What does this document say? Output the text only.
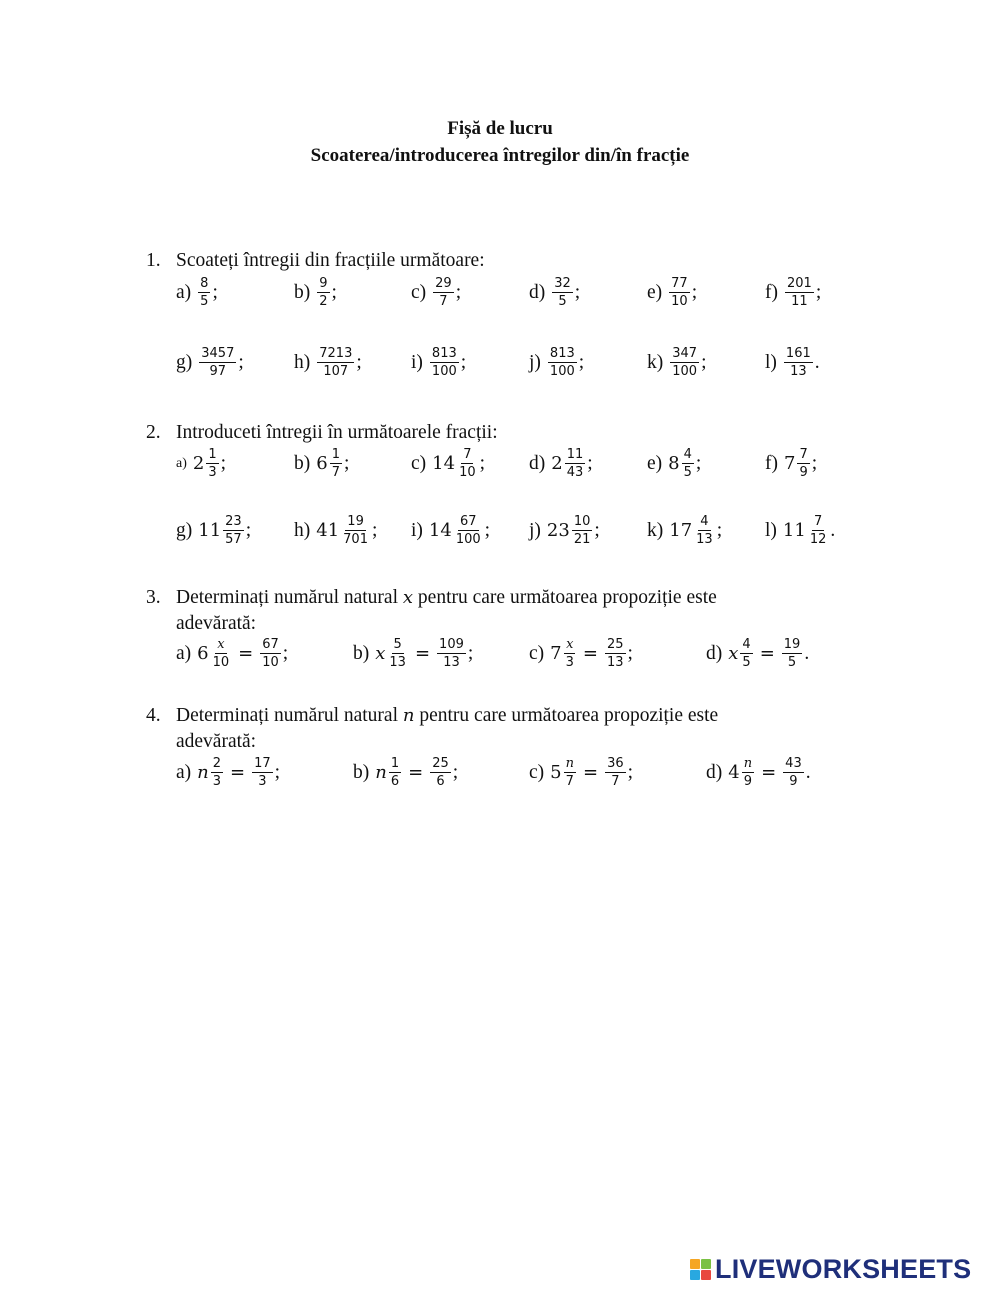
Fișă de lucru
Scoaterea/introducerea întregilor din/în fracție
1. Scoateți întregii din fracțiile următoare:
$a) \frac{8}{5}$ ;	$b) \frac{9}{2}$ ;	$c) \frac{29}{7}$ ;	$d) \frac{32}{5}$ ;	$e) \frac{77}{10}$ ;	$f) \frac{201}{11}$ ;
$g) \frac{3457}{97}$ ;	$h) \frac{7213}{107}$ ;	$i) \frac{813}{100}$ ;	$j) \frac{813}{100}$ ;	$k) \frac{347}{100}$ ;	$l) \frac{161}{13}$ .
2. Introduceti întregii în următoarele fracții:
a) $2 \frac{1}{3}$ ;	b) $6 \frac{1}{7}$ ;	c) $14 \frac{7}{10}$ ; d) $2 \frac{11}{43}$ ;	e) $8 \frac{4}{5}$ ;	f) $7 \frac{7}{9}$ ;
g) $11 \frac{23}{57}$ ; h) $41 \frac{19}{701}$ ; i) $14 \frac{67}{100}$ ; j) $23 \frac{10}{21}$ ; k) $17 \frac{4}{13}$ ; l) $11 \frac{7}{12}$ .
3. Determinați numărul natural x pentru care următoarea propoziție este
adevărată:
a) $6 \frac{x}{10} = \frac{67}{10}$ ;	b) x $\frac{5}{13} = \frac{109}{13}$ ;	c) $7 \frac{x}{3} = \frac{25}{13}$ ;	d) x $\frac{4}{5} = \frac{19}{5}$ .
4. Determinați numărul natural n pentru care următoarea propoziție este
adevărată:
a) n $\frac{2}{3} = \frac{17}{3}$ ;	b) n $\frac{1}{6} = \frac{25}{6}$ ;	c) $5 \frac{n}{7} = \frac{36}{7}$ ;	d) $4 \frac{n}{9} = \frac{43}{9}$ .
LIVEWORKSHEETS
